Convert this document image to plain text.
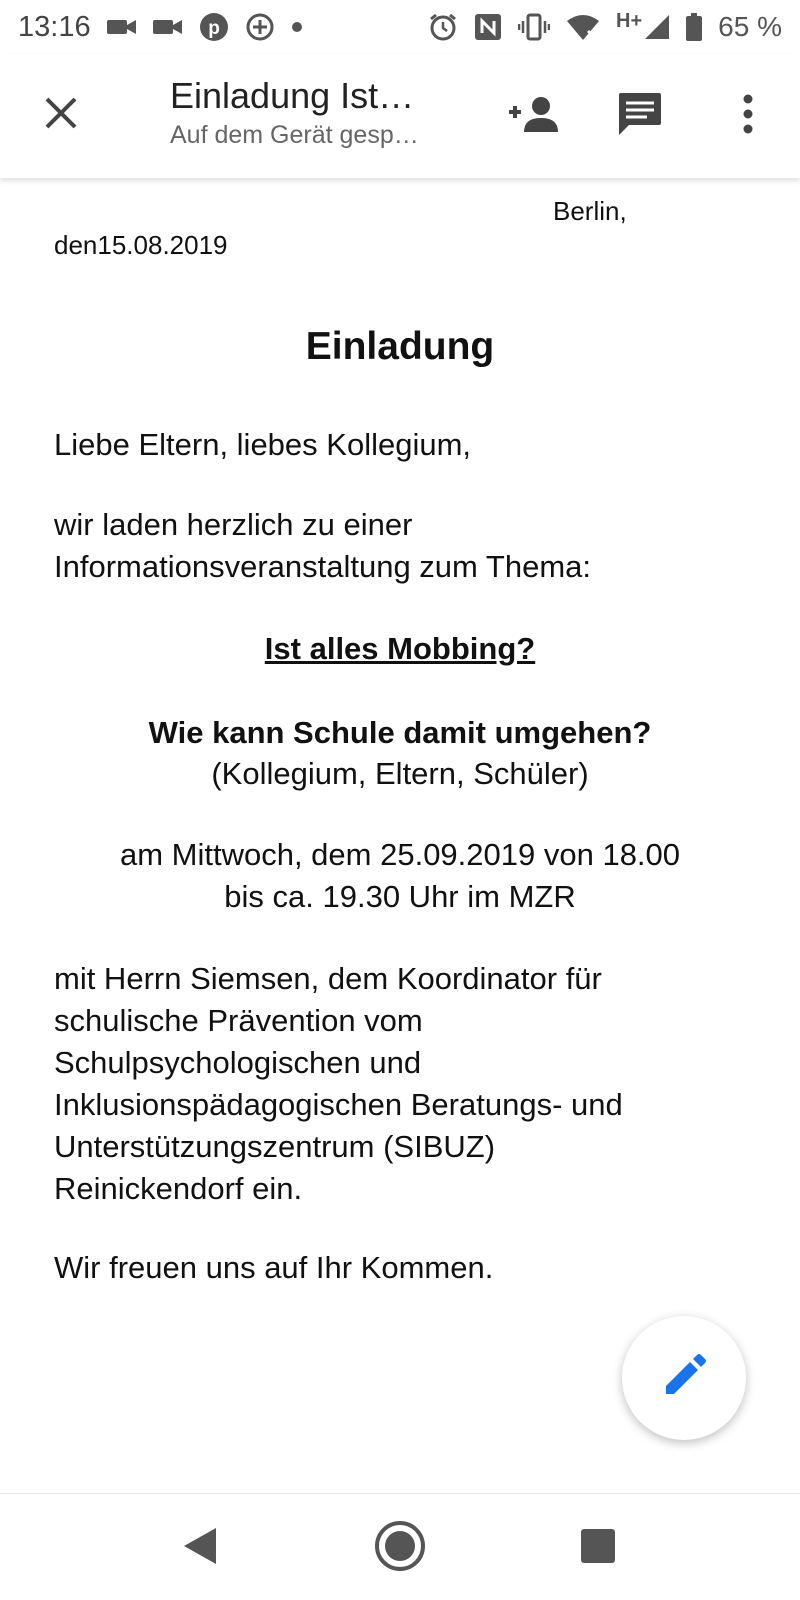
13:16	p	H+	65 %
Einladung Ist…
Auf dem Gerät gesp…
Berlin,
den15.08.2019
Einladung
Liebe Eltern, liebes Kollegium,
wir laden herzlich zu einer
Informationsveranstaltung zum Thema:
Ist alles Mobbing?
Wie kann Schule damit umgehen?
(Kollegium, Eltern, Schüler)
am Mittwoch, dem 25.09.2019 von 18.00
bis ca. 19.30 Uhr im MZR
mit Herrn Siemsen, dem Koordinator für
schulische Prävention vom
Schulpsychologischen und
Inklusionspädagogischen Beratungs- und
Unterstützungszentrum (SIBUZ)
Reinickendorf ein.
Wir freuen uns auf Ihr Kommen.
